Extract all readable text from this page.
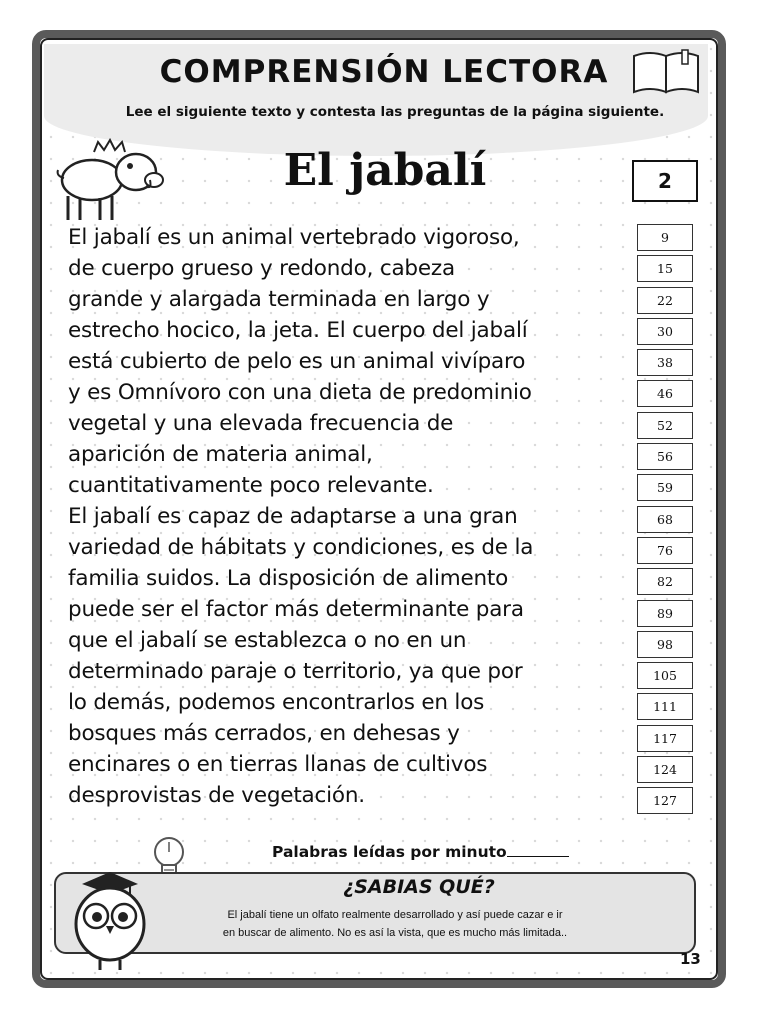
COMPRENSIÓN LECTORA
Lee el siguiente texto y contesta las preguntas de la página siguiente.
El jabalí	2
El jabalí es un animal vertebrado vigoroso,
de cuerpo grueso y redondo, cabeza
grande y alargada terminada en largo y
estrecho hocico, la jeta. El cuerpo del jabalí
está cubierto de pelo es un animal vivíparo
y es Omnívoro con una dieta de predominio
vegetal y una elevada frecuencia de
aparición de materia animal,
cuantitativamente poco relevante.
El jabalí es capaz de adaptarse a una gran
variedad de hábitats y condiciones, es de la
familia suidos. La disposición de alimento
puede ser el factor más determinante para
que el jabalí se establezca o no en un
determinado paraje o territorio, ya que por
lo demás, podemos encontrarlos en los
bosques más cerrados, en dehesas y
encinares o en tierras llanas de cultivos
desprovistas de vegetación.
9
15
22
30
38
46
52
56
59
68
76
82
89
98
105
111
117
124
127
Palabras leídas por minuto
¿SABIAS QUÉ?
El jabalí tiene un olfato realmente desarrollado y así puede cazar e ir
en buscar de alimento. No es así la vista, que es mucho más limitada..
13
